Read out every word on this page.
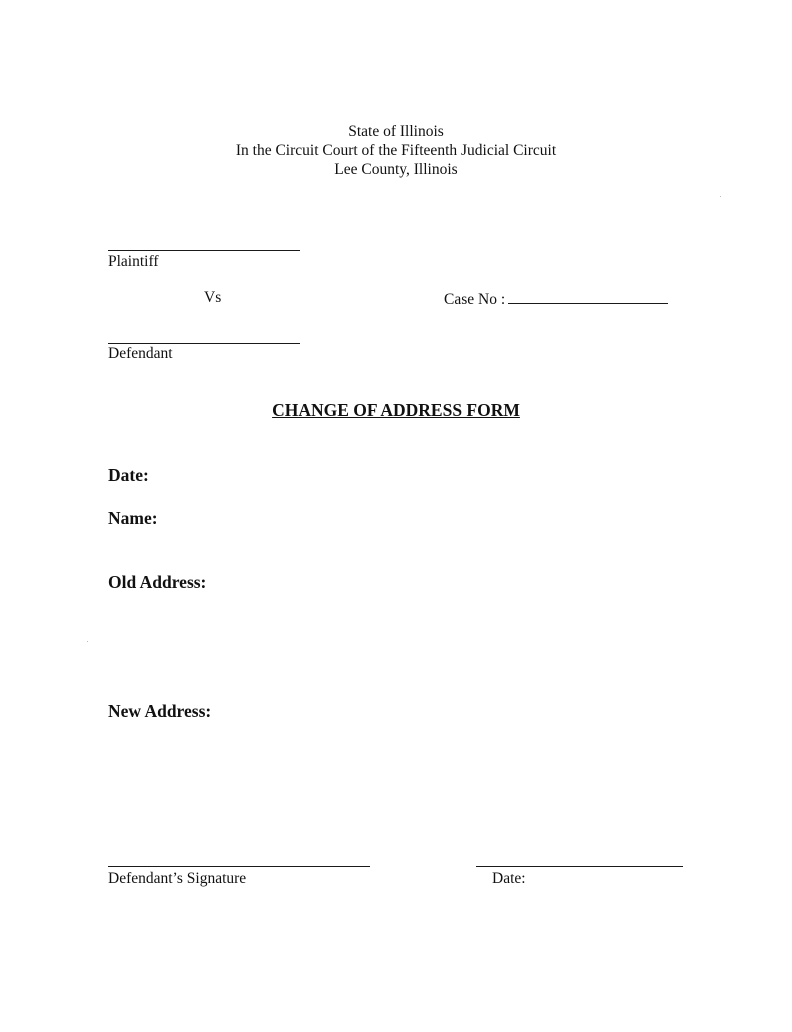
State of Illinois
In the Circuit Court of the Fifteenth Judicial Circuit
Lee County, Illinois
Plaintiff
Vs	Case No :
Defendant
CHANGE OF ADDRESS FORM
Date:
Name:
Old Address:
New Address:
Defendant’s Signature	Date:
